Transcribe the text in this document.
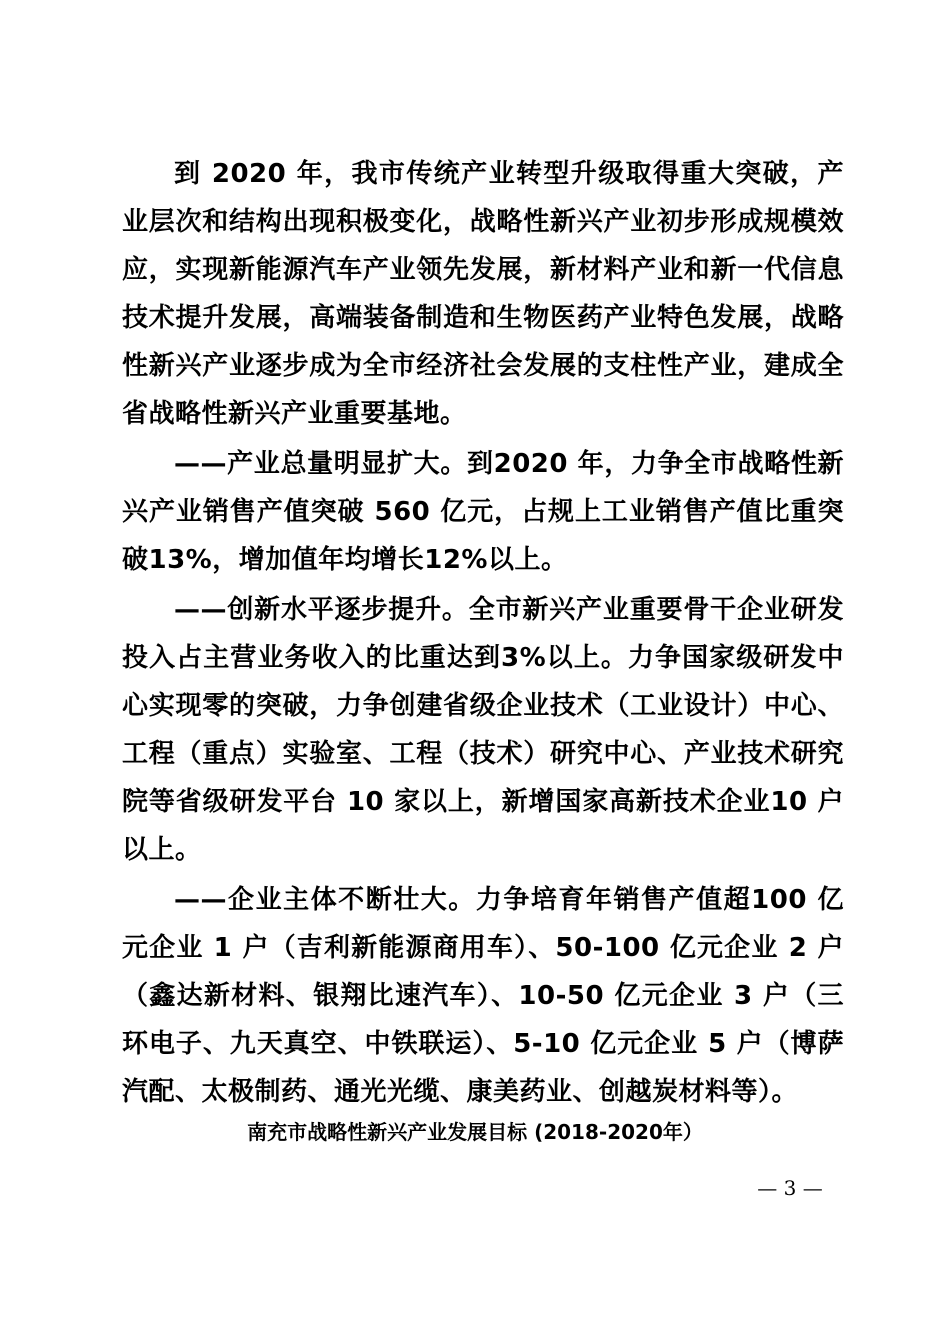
到 2020 年，我市传统产业转型升级取得重大突破，产业层次和结构出现积极变化，战略性新兴产业初步形成规模效应，实现新能源汽车产业领先发展，新材料产业和新一代信息技术提升发展，高端装备制造和生物医药产业特色发展，战略性新兴产业逐步成为全市经济社会发展的支柱性产业，建成全省战略性新兴产业重要基地。

——产业总量明显扩大。到2020 年，力争全市战略性新兴产业销售产值突破 560 亿元，占规上工业销售产值比重突破13%，增加值年均增长12%以上。

——创新水平逐步提升。全市新兴产业重要骨干企业研发投入占主营业务收入的比重达到3%以上。力争国家级研发中心实现零的突破，力争创建省级企业技术（工业设计）中心、工程（重点）实验室、工程（技术）研究中心、产业技术研究院等省级研发平台 10 家以上，新增国家高新技术企业10 户以上。

——企业主体不断壮大。力争培育年销售产值超100 亿元企业 1 户（吉利新能源商用车）、50-100 亿元企业 2 户（鑫达新材料、银翔比速汽车）、10-50 亿元企业 3 户（三环电子、九天真空、中铁联运）、5-10 亿元企业 5 户（博萨汽配、太极制药、通光光缆、康美药业、创越炭材料等）。

南充市战略性新兴产业发展目标 (2018-2020年）
— 3 —
